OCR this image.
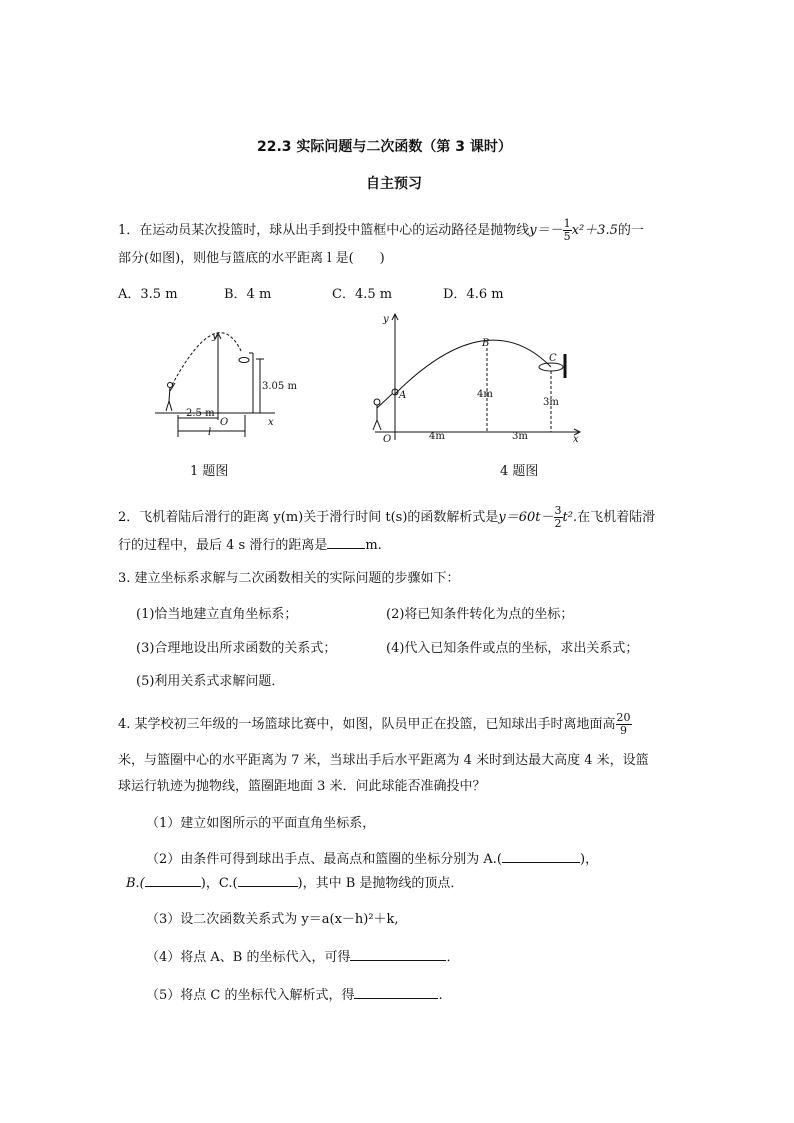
22.3 实际问题与二次函数（第 3 课时）
自主预习
1．在运动员某次投篮时，球从出手到投中篮框中心的运动路径是抛物线$y=- \frac{1}{5} x^2+3.5$的一
部分(如图)，则他与篮底的水平距离 l 是(　　)
A．3.5 m	B．4 m	C．4.5 m	D．4.6 m
y
x
O
2.5 m
3.05 m
l
1 题图
y
x
O
A
B
C
4m
3m
4m	3m
4 题图
2．飞机着陆后滑行的距离 y(m)关于滑行时间 t(s)的函数解析式是$y=60t- \frac{3}{2} t^2$.在飞机着陆滑
行的过程中，最后 4 s 滑行的距离是	m.
3. 建立坐标系求解与二次函数相关的实际问题的步骤如下：
(1)恰当地建立直角坐标系；	(2)将已知条件转化为点的坐标；
(3)合理地设出所求函数的关系式；	(4)代入已知条件或点的坐标，求出关系式；
(5)利用关系式求解问题．
4. 某学校初三年级的一场篮球比赛中，如图，队员甲正在投篮，已知球出手时离地面高 $\frac{20}{9}$
米，与篮圈中心的水平距离为 7 米，当球出手后水平距离为 4 米时到达最大高度 4 米，设篮
球运行轨迹为抛物线，篮圈距地面 3 米．问此球能否准确投中？
（1）建立如图所示的平面直角坐标系，
（2）由条件可得到球出手点、最高点和篮圈的坐标分别为 A.(	)，
B.(	)，C.(	)，其中 B 是抛物线的顶点．
（3）设二次函数关系式为 y＝a(x－h)²＋k,
（4）将点 A、B 的坐标代入，可得	．
（5）将点 C 的坐标代入解析式，得	.
